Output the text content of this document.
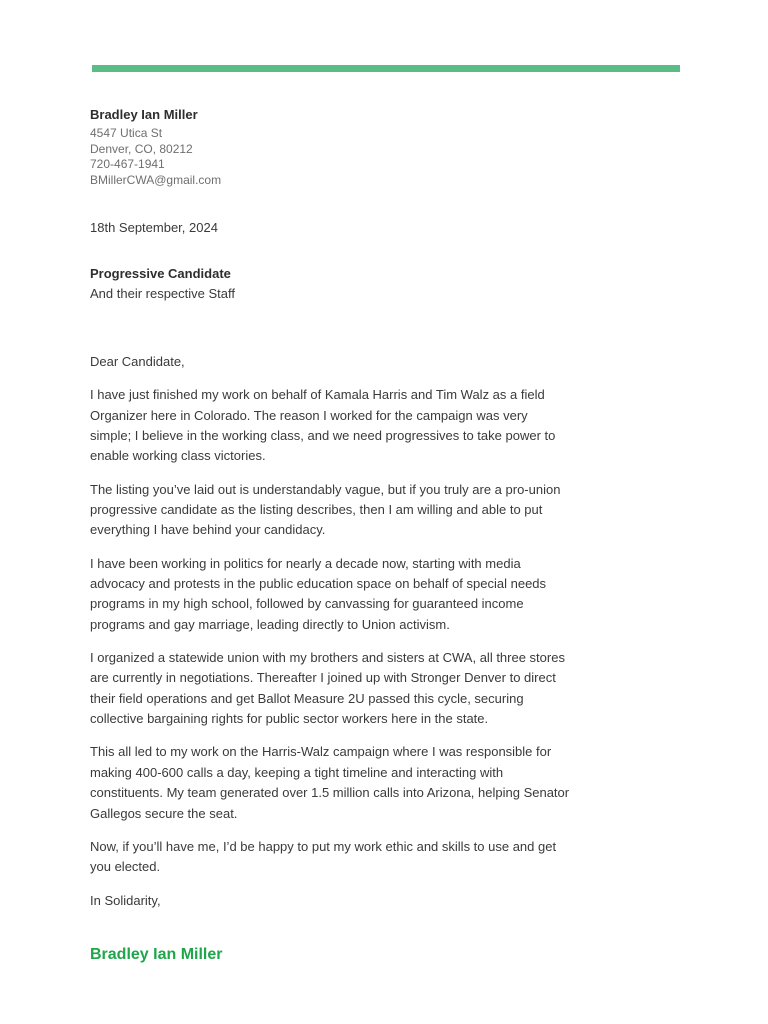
Bradley Ian Miller
4547 Utica St
Denver, CO, 80212
720-467-1941
BMillerCWA@gmail.com
18th September, 2024
Progressive Candidate
And their respective Staff

Dear Candidate,

I have just finished my work on behalf of Kamala Harris and Tim Walz as a field Organizer here in Colorado. The reason I worked for the campaign was very simple; I believe in the working class, and we need progressives to take power to enable working class victories.

The listing you’ve laid out is understandably vague, but if you truly are a pro-union progressive candidate as the listing describes, then I am willing and able to put everything I have behind your candidacy.

I have been working in politics for nearly a decade now, starting with media advocacy and protests in the public education space on behalf of special needs programs in my high school, followed by canvassing for guaranteed income programs and gay marriage, leading directly to Union activism.

I organized a statewide union with my brothers and sisters at CWA, all three stores are currently in negotiations. Thereafter I joined up with Stronger Denver to direct their field operations and get Ballot Measure 2U passed this cycle, securing collective bargaining rights for public sector workers here in the state.

This all led to my work on the Harris-Walz campaign where I was responsible for making 400-600 calls a day, keeping a tight timeline and interacting with constituents. My team generated over 1.5 million calls into Arizona, helping Senator Gallegos secure the seat.

Now, if you’ll have me, I’d be happy to put my work ethic and skills to use and get you elected.

In Solidarity,

Bradley Ian Miller
